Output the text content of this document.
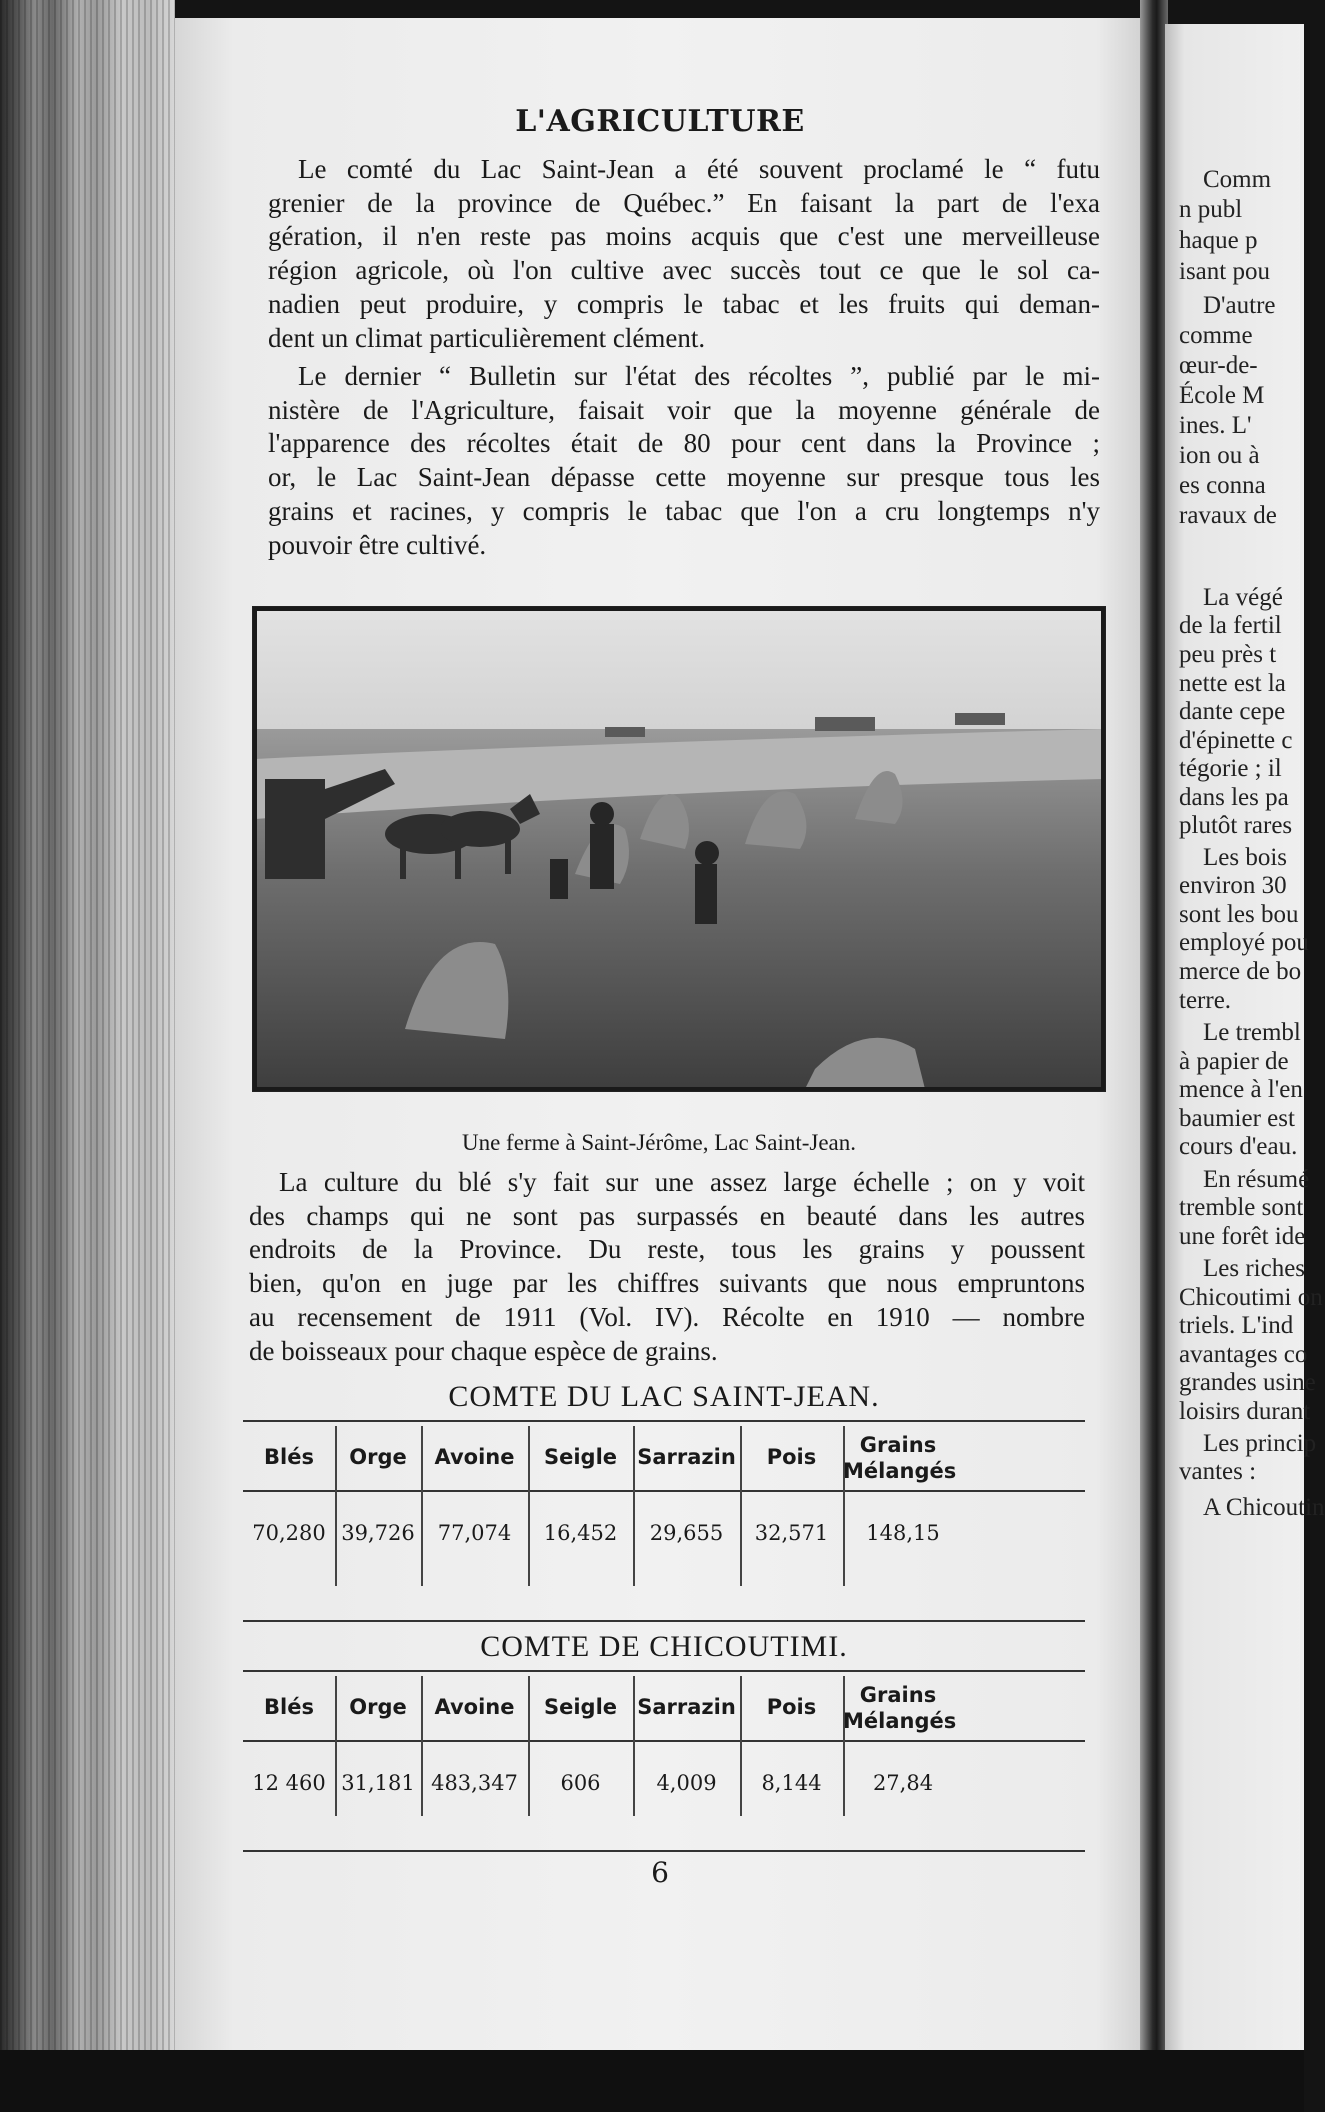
Comm
n publ
haque p
isant pou
D'autre
comme
œur-de-
École M
ines. L'
ion ou à
es conna
ravaux de
La végé
de la fertil
peu près t
nette est la
dante cepe
d'épinette c
tégorie ; il
dans les pa
plutôt rares
Les bois
environ 30
sont les bou
employé pou
merce de bo
terre.
Le trembl
à papier de
mence à l'en
baumier est
cours d'eau.
En résumé
tremble sont
une forêt ide
Les riches
Chicoutimi on
triels. L'ind
avantages co
grandes usine
loisirs durant
Les princip
vantes :
A Chicoutin
L'AGRICULTURE
Le comté du Lac Saint-Jean a été souvent proclamé le “ futu
grenier de la province de Québec.” En faisant la part de l'exa
gération, il n'en reste pas moins acquis que c'est une merveilleuse
région agricole, où l'on cultive avec succès tout ce que le sol ca-
nadien peut produire, y compris le tabac et les fruits qui deman-
dent un climat particulièrement clément.
Le dernier “ Bulletin sur l'état des récoltes ”, publié par le mi-
nistère de l'Agriculture, faisait voir que la moyenne générale de
l'apparence des récoltes était de 80 pour cent dans la Province ;
or, le Lac Saint-Jean dépasse cette moyenne sur presque tous les
grains et racines, y compris le tabac que l'on a cru longtemps n'y
pouvoir être cultivé.
Une ferme à Saint-Jérôme, Lac Saint-Jean.
La culture du blé s'y fait sur une assez large échelle ; on y voit
des champs qui ne sont pas surpassés en beauté dans les autres
endroits de la Province. Du reste, tous les grains y poussent
bien, qu'on en juge par les chiffres suivants que nous empruntons
au recensement de 1911 (Vol. IV). Récolte en 1910 — nombre
de boisseaux pour chaque espèce de grains.
COMTE DU LAC SAINT-JEAN.
Blés
70,280
Orge
39,726
Avoine
77,074
Seigle
16,452
Sarrazin
29,655
Pois
32,571
Grains Mélangés
148,15
COMTE DE CHICOUTIMI.
Blés
12 460
Orge
31,181
Avoine
483,347
Seigle
606
Sarrazin
4,009
Pois
8,144
Grains Mélangés
27,84
6
